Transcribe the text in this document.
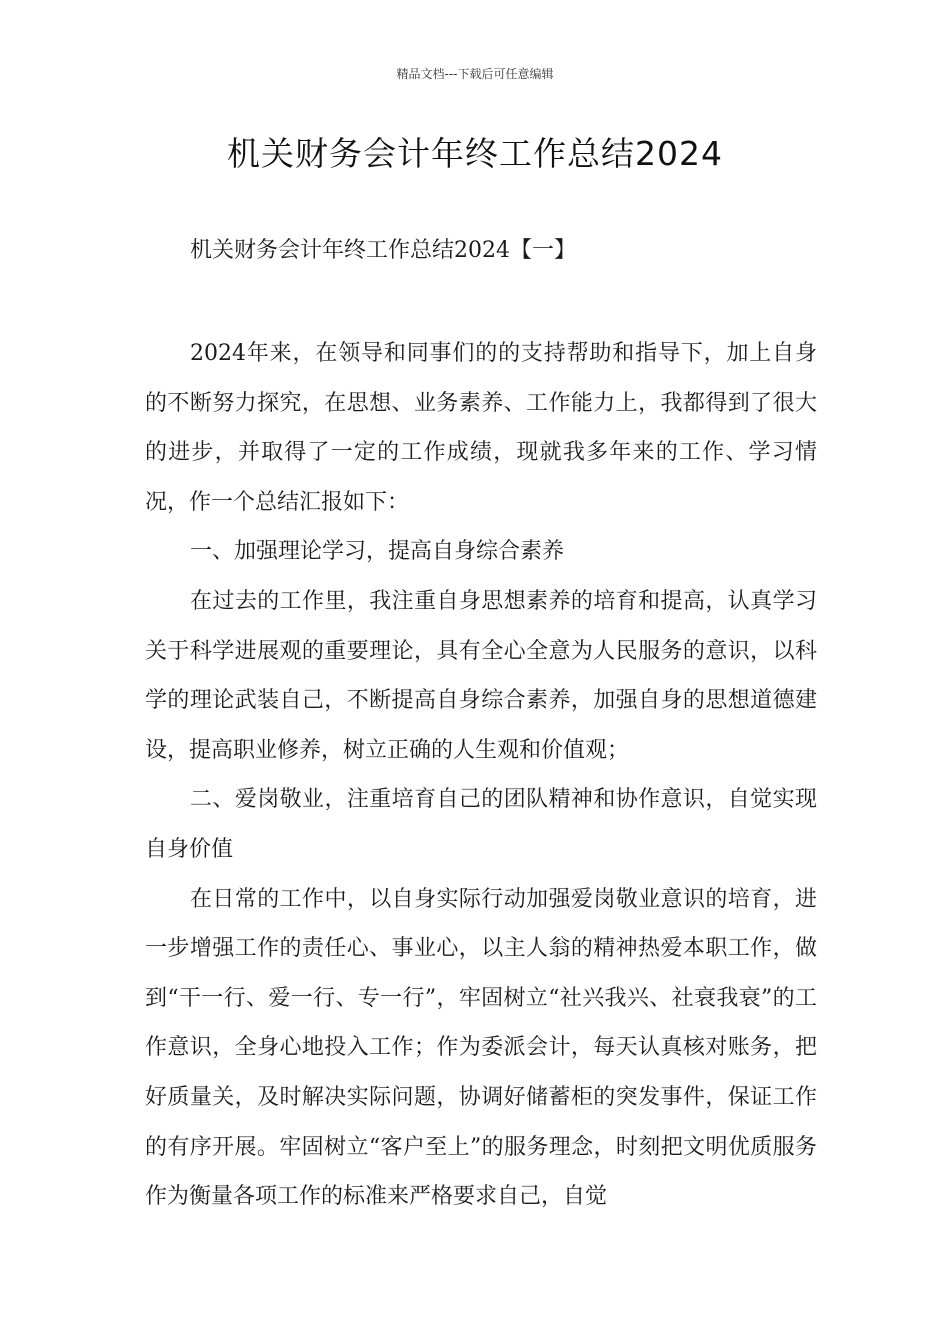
精品文档---下载后可任意编辑
机关财务会计年终工作总结2024
机关财务会计年终工作总结2024【一】

2024年来，在领导和同事们的的支持帮助和指导下，加上自身的不断努力探究，在思想、业务素养、工作能力上，我都得到了很大的进步，并取得了一定的工作成绩，现就我多年来的工作、学习情况，作一个总结汇报如下：

一、加强理论学习，提高自身综合素养

在过去的工作里，我注重自身思想素养的培育和提高，认真学习关于科学进展观的重要理论，具有全心全意为人民服务的意识，以科学的理论武装自己，不断提高自身综合素养，加强自身的思想道德建设，提高职业修养，树立正确的人生观和价值观；

二、爱岗敬业，注重培育自己的团队精神和协作意识，自觉实现自身价值

在日常的工作中，以自身实际行动加强爱岗敬业意识的培育，进一步增强工作的责任心、事业心，以主人翁的精神热爱本职工作，做到“干一行、爱一行、专一行”，牢固树立“社兴我兴、社衰我衰”的工作意识，全身心地投入工作；作为委派会计，每天认真核对账务，把好质量关，及时解决实际问题，协调好储蓄柜的突发事件，保证工作的有序开展。牢固树立“客户至上”的服务理念，时刻把文明优质服务作为衡量各项工作的标准来严格要求自己，自觉
